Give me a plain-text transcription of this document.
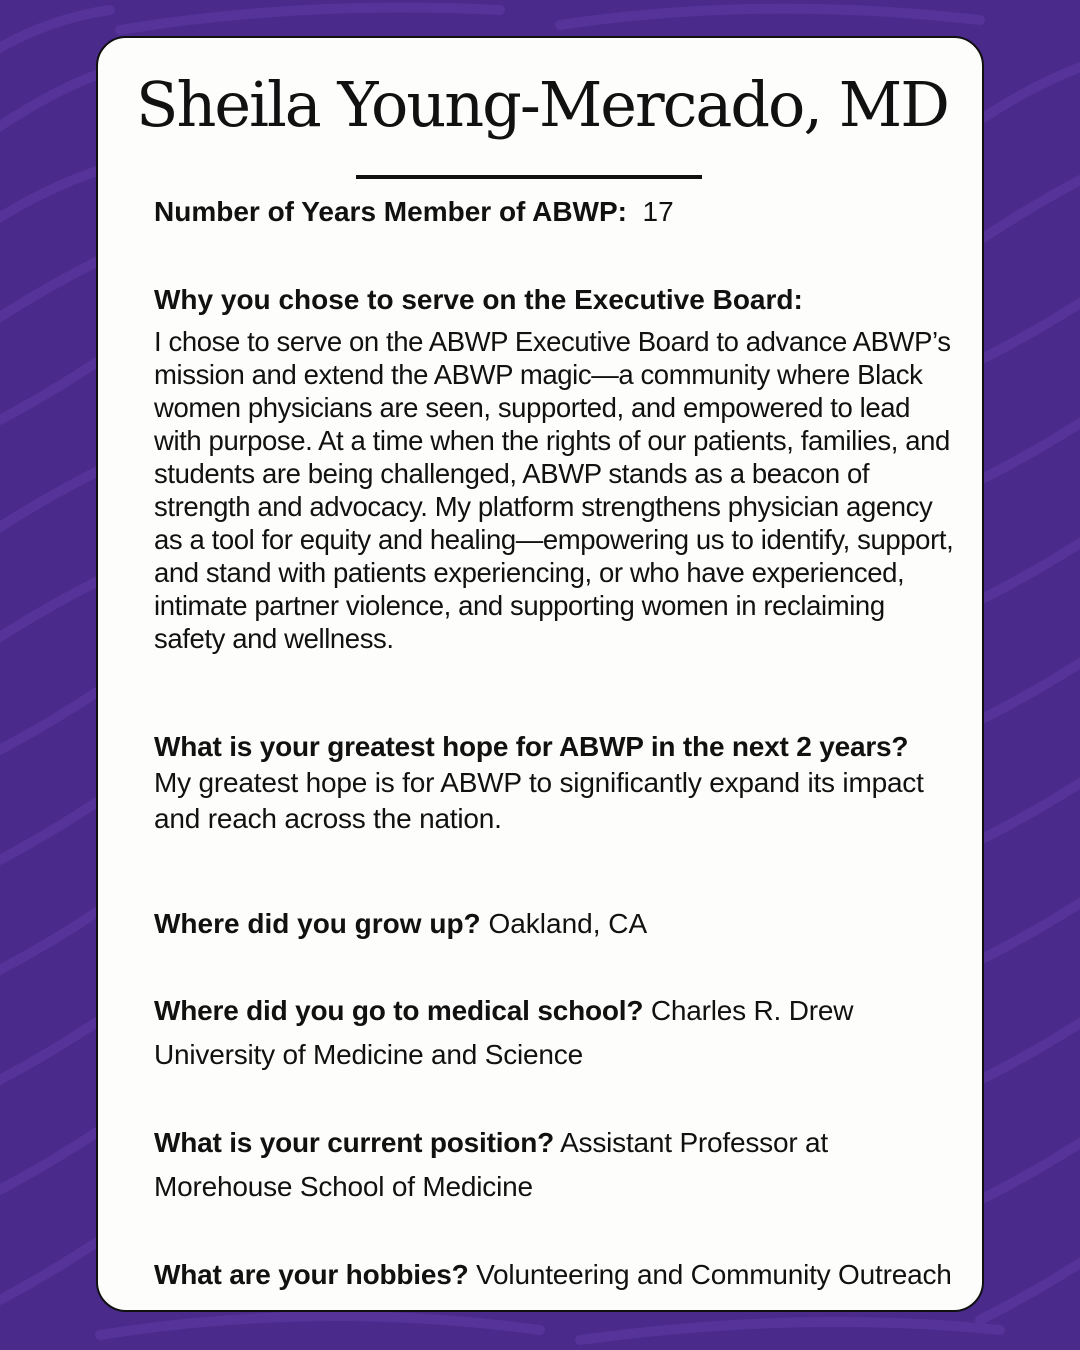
Sheila Young-Mercado, MD
Number of Years Member of ABWP: 17
Why you chose to serve on the Executive Board:
I chose to serve on the ABWP Executive Board to advance ABWP’s mission and extend the ABWP magic—a community where Black women physicians are seen, supported, and empowered to lead with purpose. At a time when the rights of our patients, families, and students are being challenged, ABWP stands as a beacon of strength and advocacy. My platform strengthens physician agency as a tool for equity and healing—empowering us to identify, support, and stand with patients experiencing, or who have experienced, intimate partner violence, and supporting women in reclaiming safety and wellness.
What is your greatest hope for ABWP in the next 2 years? My greatest hope is for ABWP to significantly expand its impact and reach across the nation.
Where did you grow up? Oakland, CA
Where did you go to medical school? Charles R. Drew University of Medicine and Science
What is your current position? Assistant Professor at Morehouse School of Medicine
What are your hobbies? Volunteering and Community Outreach
